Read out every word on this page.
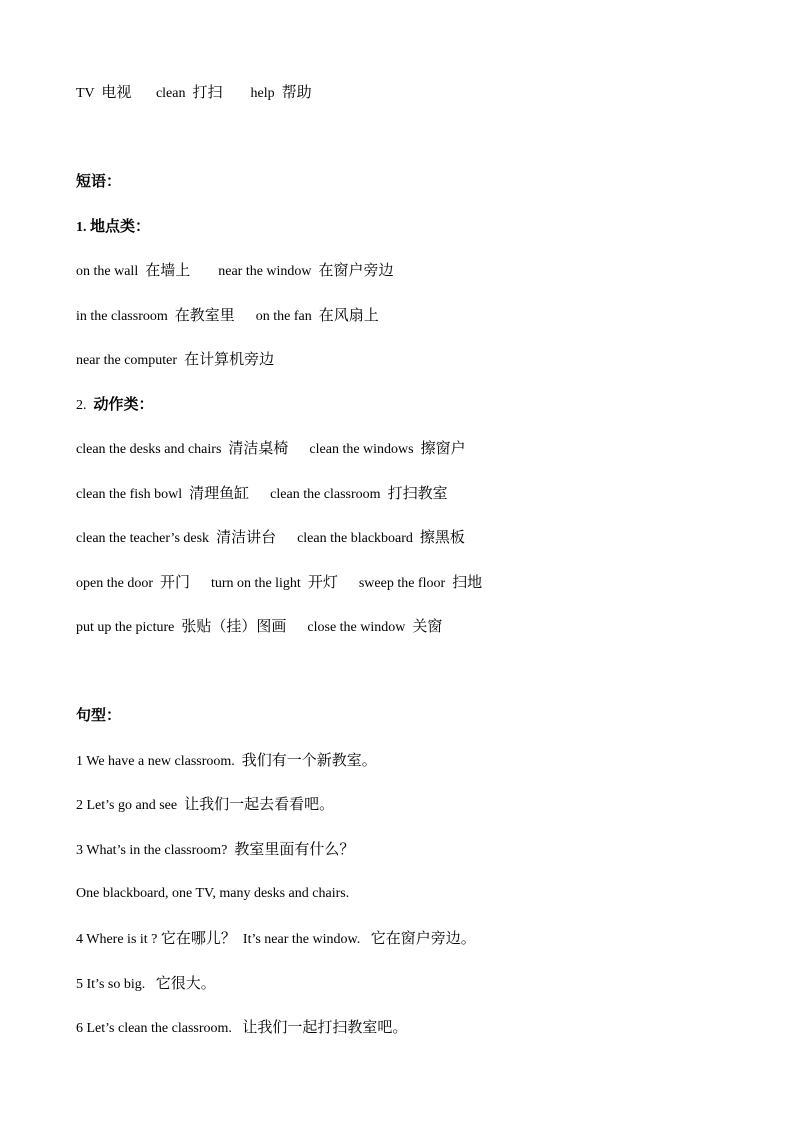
TV 电视 clean 打扫 help 帮助
短语：
1. 地点类：
on the wall 在墙上 near the window 在窗户旁边
in the classroom 在教室里 on the fan 在风扇上
near the computer 在计算机旁边
2. 动作类：
clean the desks and chairs 清洁桌椅 clean the windows 擦窗户
clean the fish bowl 清理鱼缸 clean the classroom 打扫教室
clean the teacher’s desk 清洁讲台 clean the blackboard 擦黑板
open the door 开门 turn on the light 开灯 sweep the floor 扫地
put up the picture 张贴（挂）图画 close the window 关窗
句型：
1 We have a new classroom. 我们有一个新教室。
2 Let’s go and see 让我们一起去看看吧。
3 What’s in the classroom? 教室里面有什么？
One blackboard, one TV, many desks and chairs.
4 Where is it ? 它在哪儿？ It’s near the window. 它在窗户旁边。
5 It’s so big. 它很大。
6 Let’s clean the classroom. 让我们一起打扫教室吧。
